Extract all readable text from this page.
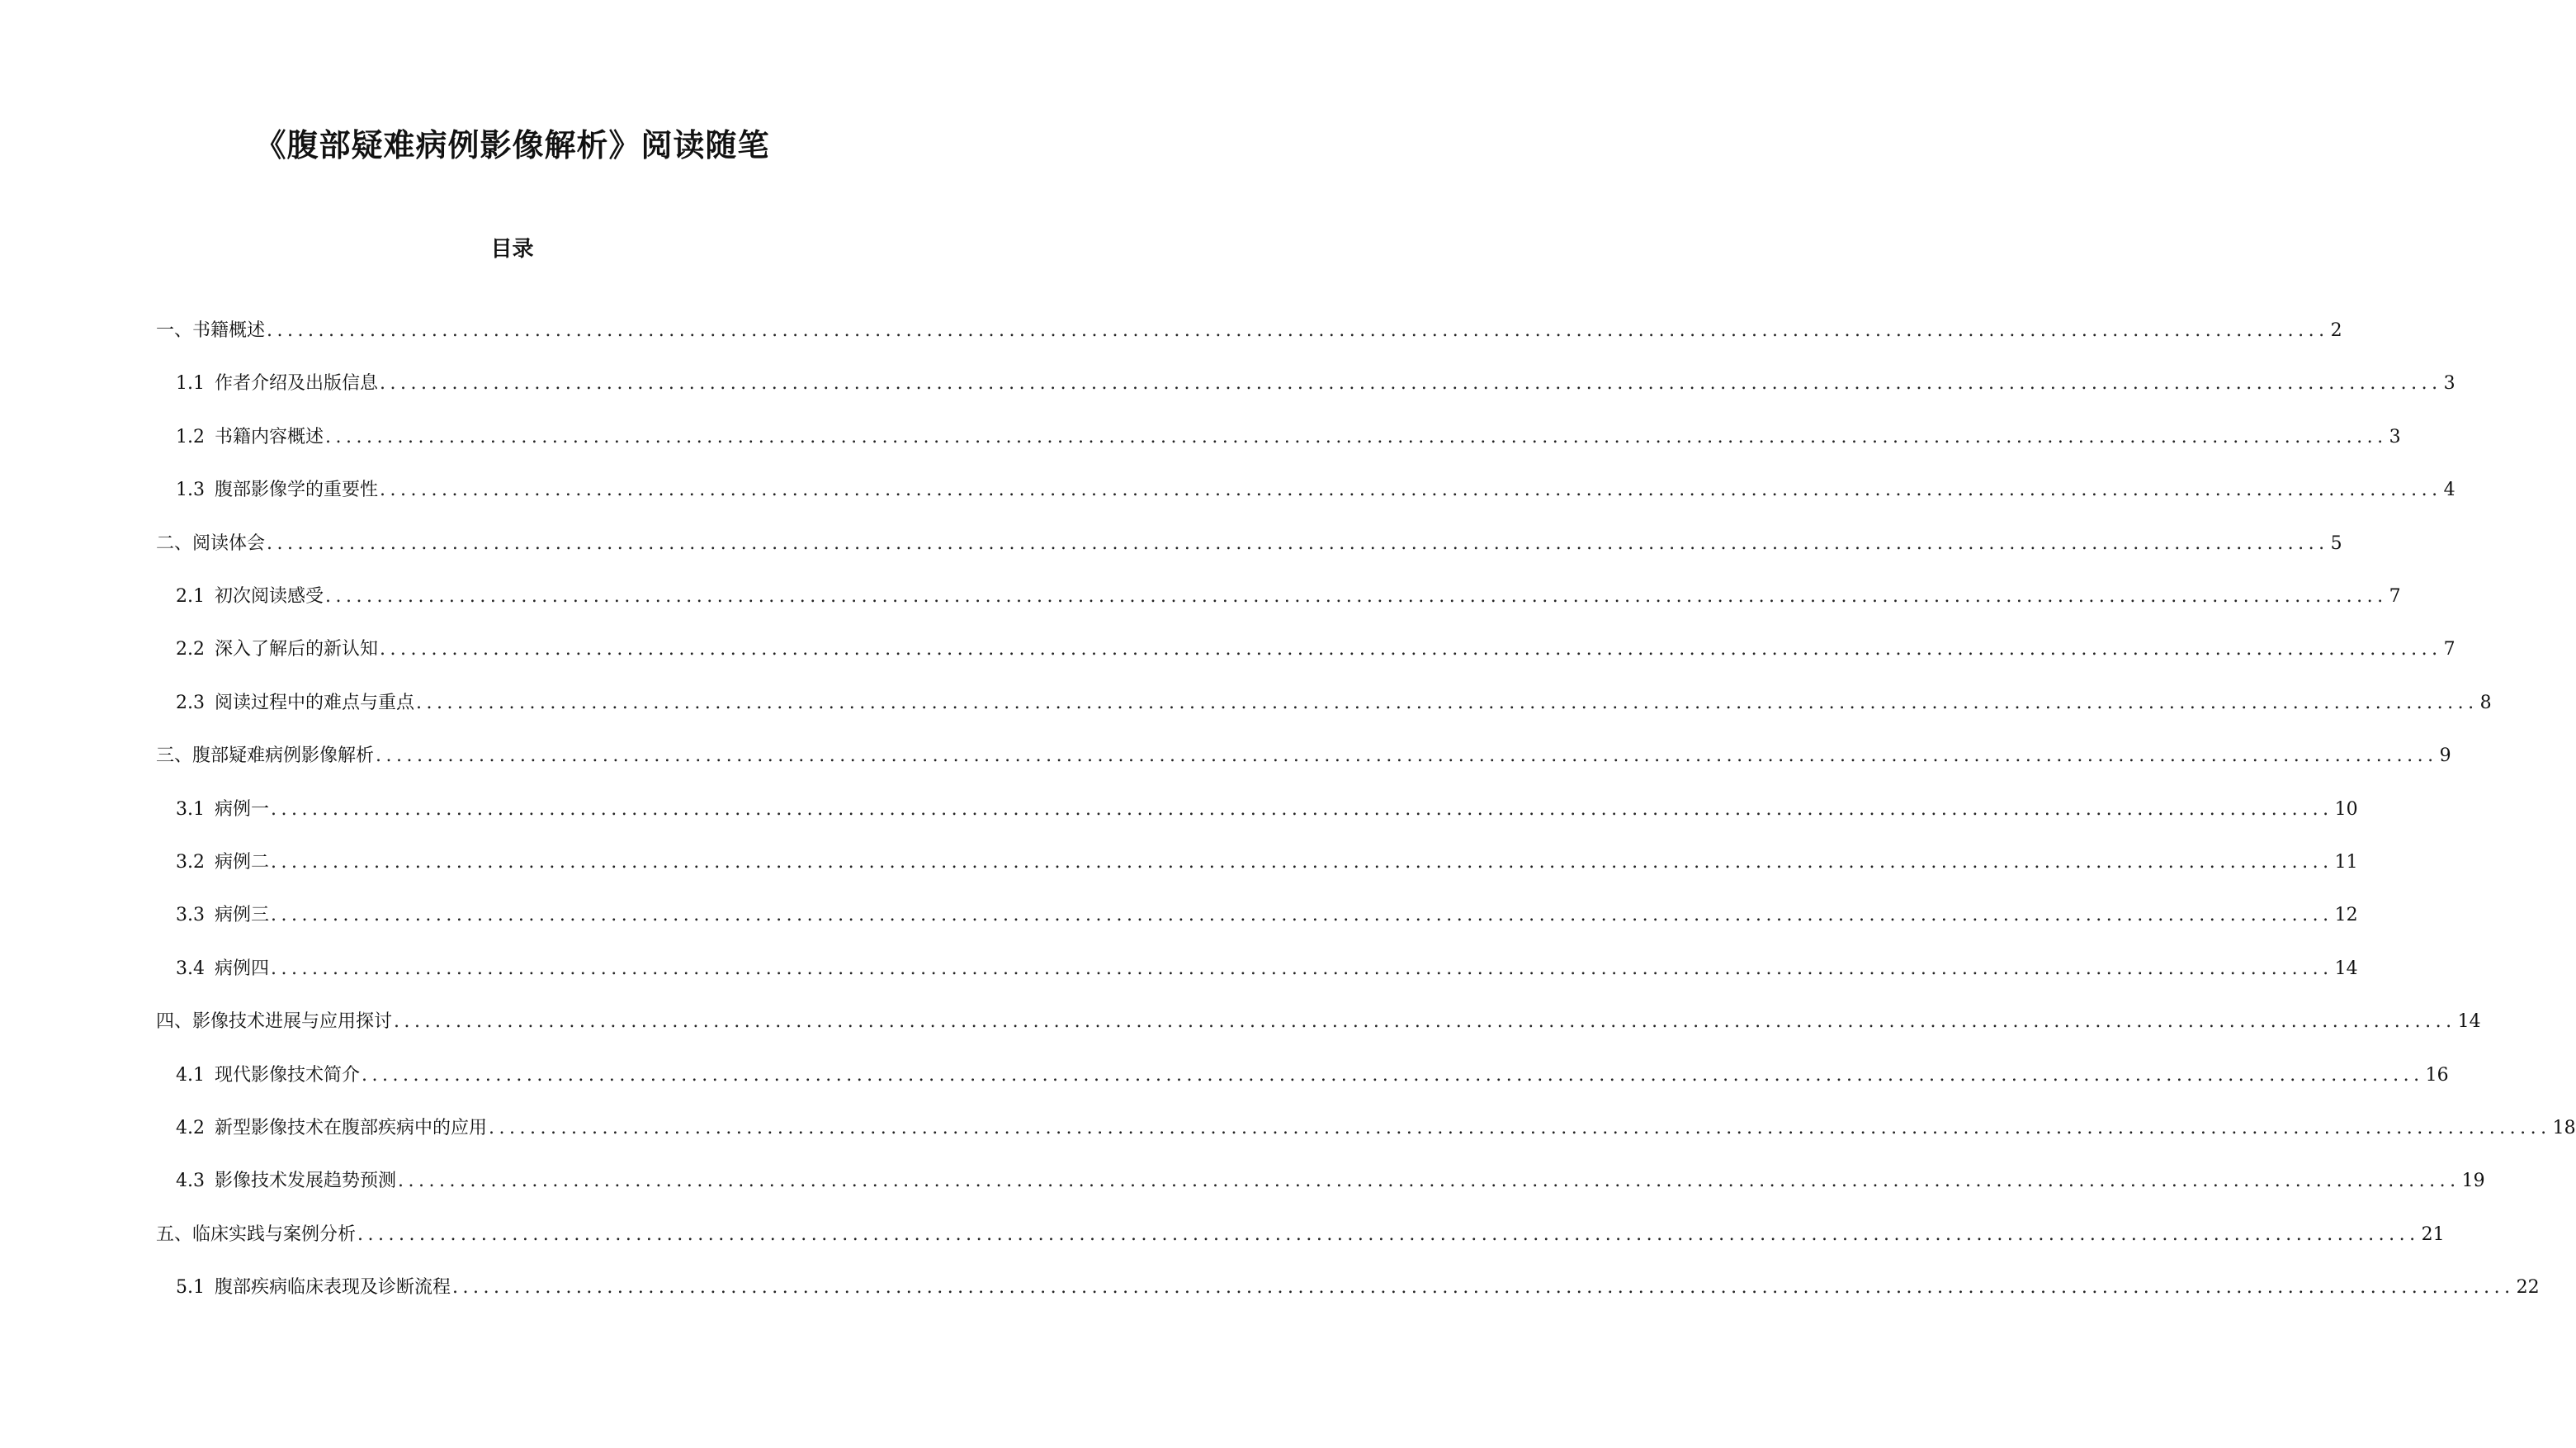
《腹部疑难病例影像解析》阅读随笔
目录
一、书籍概述 ........................................................................................................................................................................................................ 2
1.1 作者介绍及出版信息 ........................................................................................................................................................................................................ 3
1.2 书籍内容概述 ........................................................................................................................................................................................................ 3
1.3 腹部影像学的重要性 ........................................................................................................................................................................................................ 4
二、阅读体会 ........................................................................................................................................................................................................ 5
2.1 初次阅读感受 ........................................................................................................................................................................................................ 7
2.2 深入了解后的新认知 ........................................................................................................................................................................................................ 7
2.3 阅读过程中的难点与重点 ........................................................................................................................................................................................................ 8
三、腹部疑难病例影像解析 ........................................................................................................................................................................................................ 9
3.1 病例一 ........................................................................................................................................................................................................ 10
3.2 病例二 ........................................................................................................................................................................................................ 11
3.3 病例三 ........................................................................................................................................................................................................ 12
3.4 病例四 ........................................................................................................................................................................................................ 14
四、影像技术进展与应用探讨 ........................................................................................................................................................................................................ 14
4.1 现代影像技术简介 ........................................................................................................................................................................................................ 16
4.2 新型影像技术在腹部疾病中的应用 ........................................................................................................................................................................................................ 18
4.3 影像技术发展趋势预测 ........................................................................................................................................................................................................ 19
五、临床实践与案例分析 ........................................................................................................................................................................................................ 21
5.1 腹部疾病临床表现及诊断流程 ........................................................................................................................................................................................................ 22
